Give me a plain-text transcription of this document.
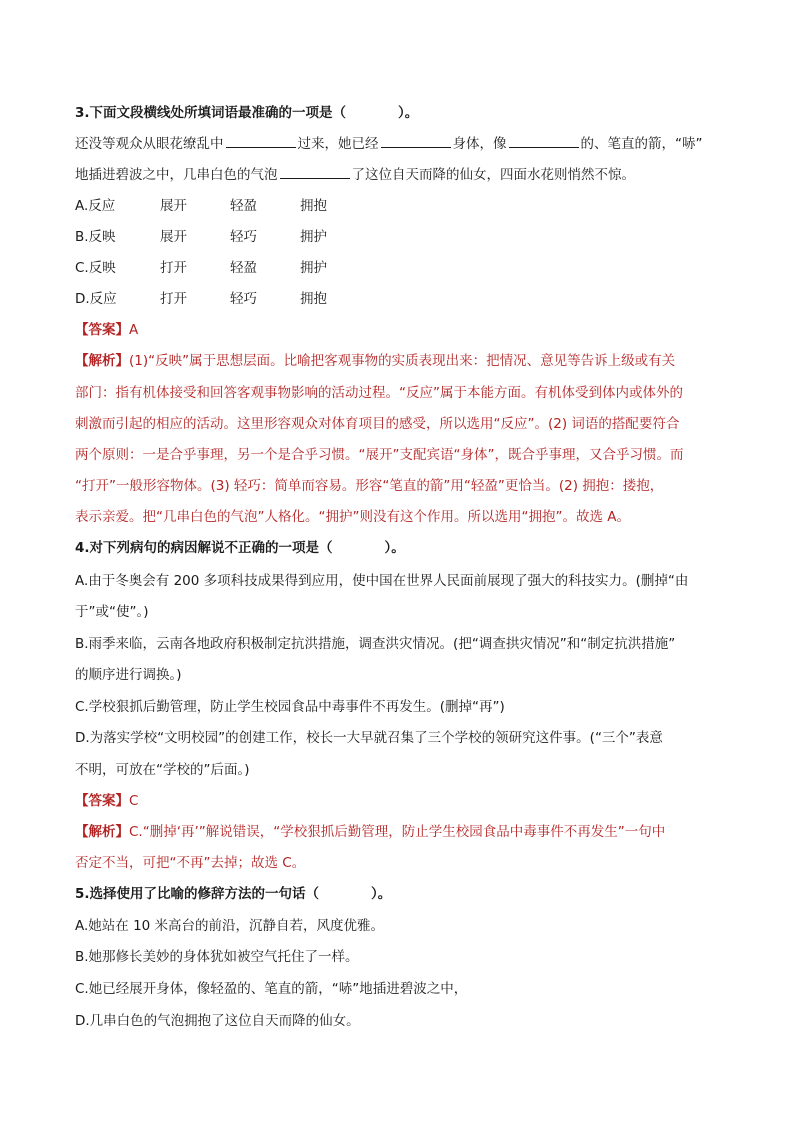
3.下面文段横线处所填词语最准确的一项是（	）。
还没等观众从眼花缭乱中	过来，她已经	身体，像	的、笔直的箭，“哧”
地插进碧波之中，几串白色的气泡	了这位自天而降的仙女，四面水花则悄然不惊。
A.反应	展开	轻盈	拥抱
B.反映	展开	轻巧	拥护
C.反映	打开	轻盈	拥护
D.反应	打开	轻巧	拥抱
【答案】A
【解析】(1)“反映”属于思想层面。比喻把客观事物的实质表现出来：把情况、意见等告诉上级或有关
部门：指有机体接受和回答客观事物影响的活动过程。“反应”属于本能方面。有机体受到体内或体外的
刺激而引起的相应的活动。这里形容观众对体育项目的感受，所以选用“反应”。(2) 词语的搭配要符合
两个原则：一是合乎事理，另一个是合乎习惯。“展开”支配宾语“身体”，既合乎事理，又合乎习惯。而
“打开”一般形容物体。(3) 轻巧：简单而容易。形容“笔直的箭”用“轻盈”更恰当。(2) 拥抱：搂抱，
表示亲爱。把“几串白色的气泡”人格化。“拥护”则没有这个作用。所以选用“拥抱”。故选 A。
4.对下列病句的病因解说不正确的一项是（	）。
A.由于冬奥会有 200 多项科技成果得到应用，使中国在世界人民面前展现了强大的科技实力。(删掉“由
于”或“使”。)
B.雨季来临，云南各地政府积极制定抗洪措施，调查洪灾情况。(把“调查拱灾情况”和“制定抗洪措施”
的顺序进行调换。)
C.学校狠抓后勤管理，防止学生校园食品中毒事件不再发生。(删掉“再”)
D.为落实学校“文明校园”的创建工作，校长一大早就召集了三个学校的领研究这件事。(“三个”表意
不明，可放在“学校的”后面。)
【答案】C
【解析】C.“删掉‘再’”解说错误，“学校狠抓后勤管理，防止学生校园食品中毒事件不再发生”一句中
否定不当，可把“不再”去掉；故选 C。
5.选择使用了比喻的修辞方法的一句话（	）。
A.她站在 10 米高台的前沿，沉静自若，风度优雅。
B.她那修长美妙的身体犹如被空气托住了一样。
C.她已经展开身体，像轻盈的、笔直的箭，“哧”地插进碧波之中，
D.几串白色的气泡拥抱了这位自天而降的仙女。
